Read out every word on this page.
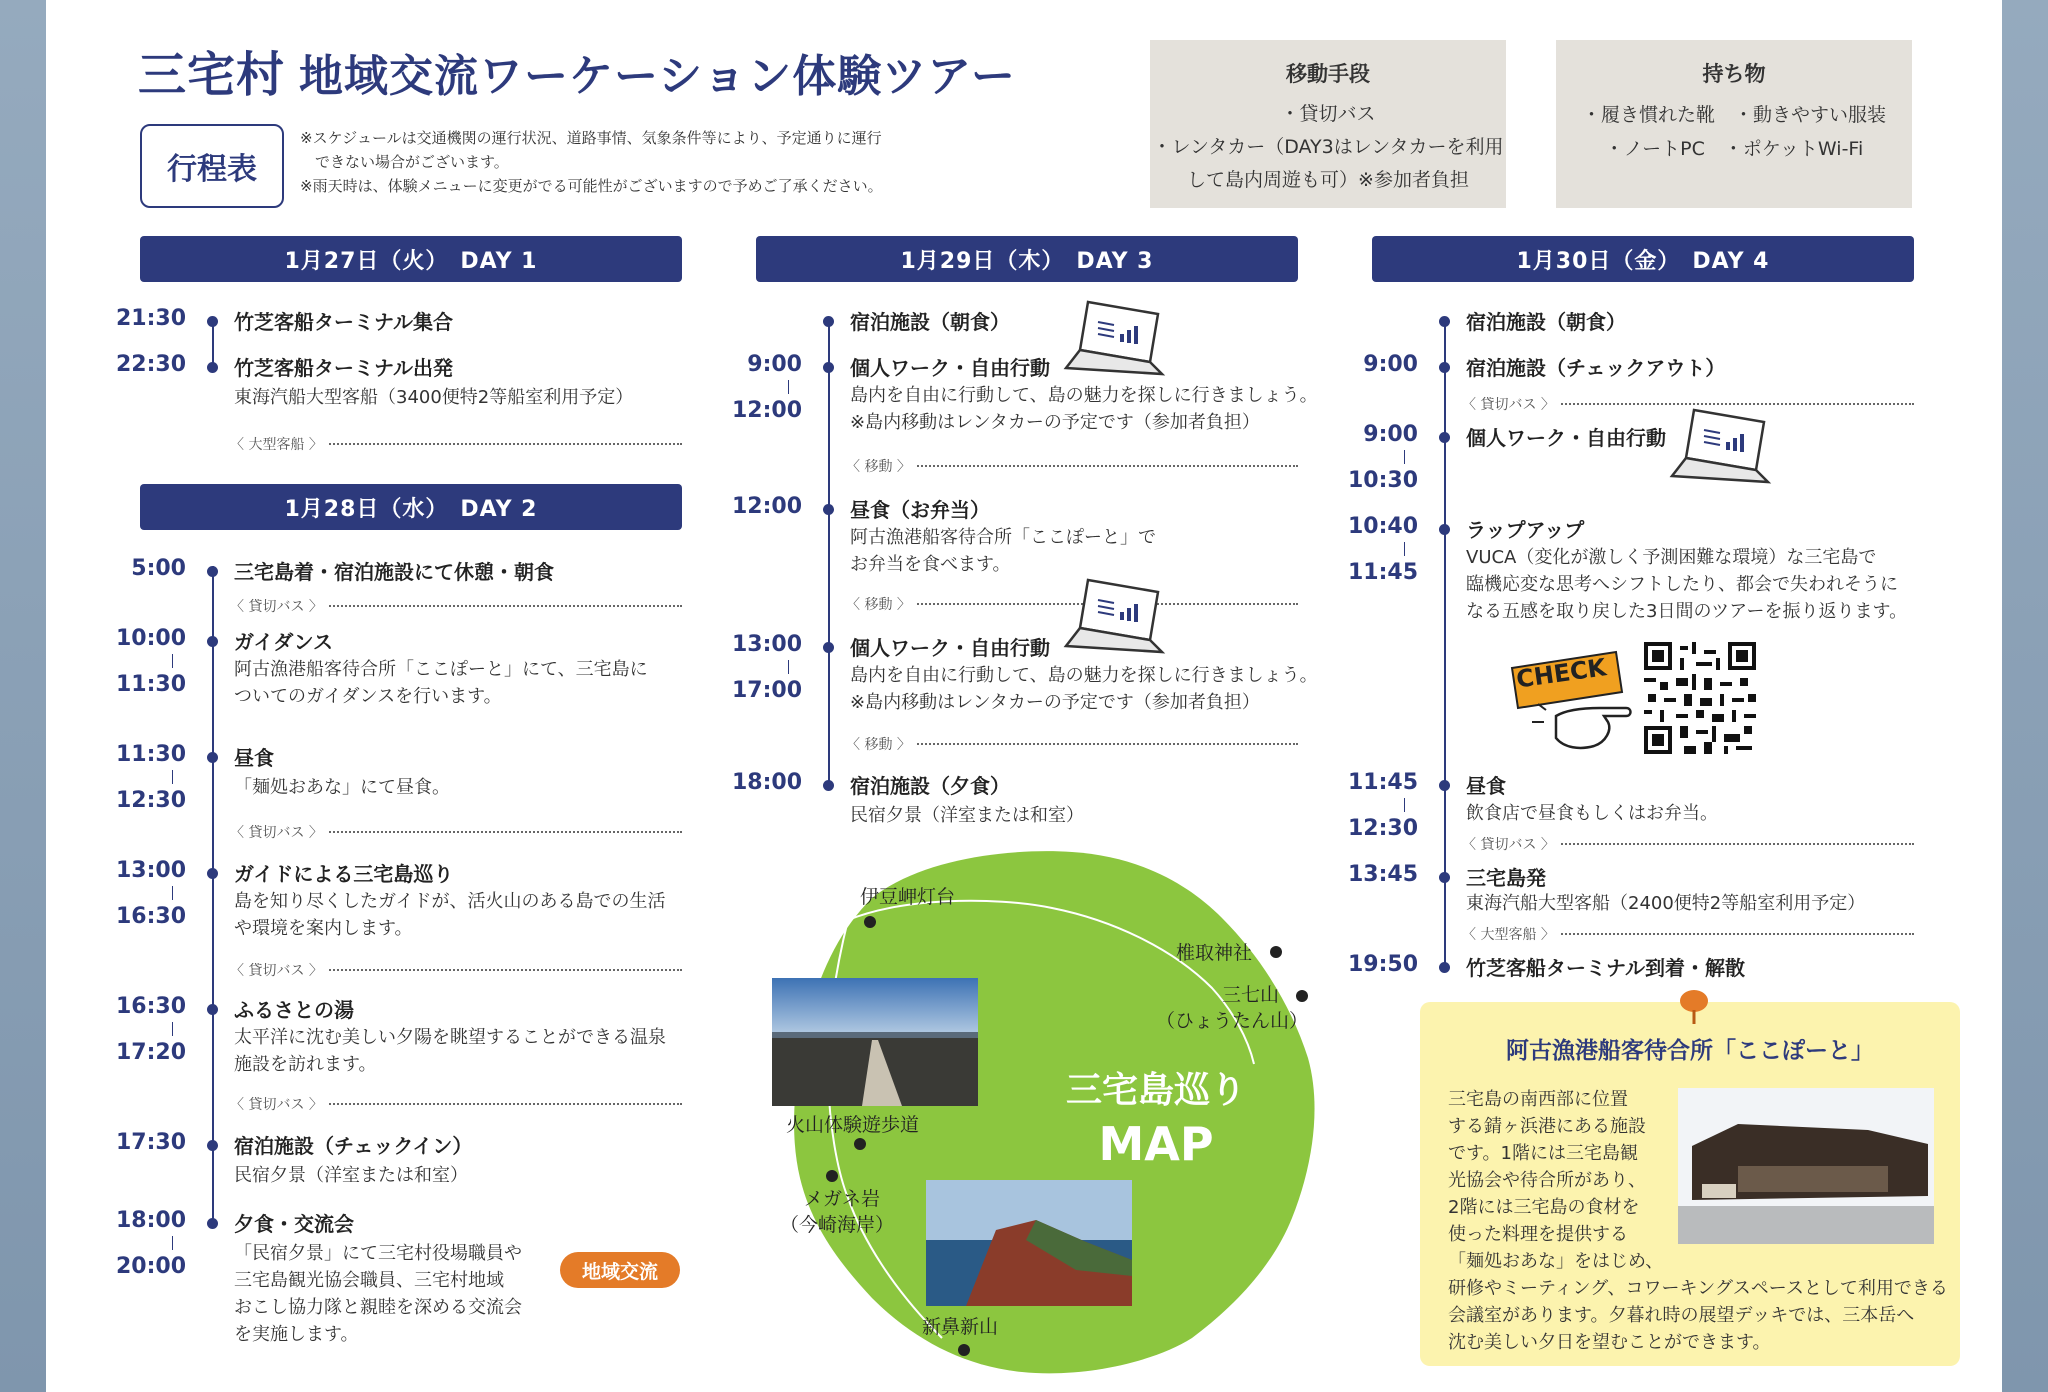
三宅村 地域交流ワーケーション体験ツアー
行程表
※スケジュールは交通機関の運行状況、道路事情、気象条件等により、予定通りに運行
　できない場合がございます。
※雨天時は、体験メニューに変更がでる可能性がございますので予めご了承ください。
移動手段

・貸切バス

・レンタカー（DAY3はレンタカーを利用

して島内周遊も可）※参加者負担

持ち物

・履き慣れた靴　・動きやすい服装

・ノートPC　・ポケットWi-Fi

1月27日（火）　DAY 1
21:30 竹芝客船ターミナル集合
22:30 竹芝客船ターミナル出発
東海汽船大型客船（3400便特2等船室利用予定）
〈 大型客船 〉
1月28日（水）　DAY 2
5:00 三宅島着・宿泊施設にて休憩・朝食
〈 貸切バス 〉
10:00
11:30
ガイダンス
阿古漁港船客待合所「ここぽーと」にて、三宅島に
ついてのガイダンスを行います。
11:30
12:30
昼食
「麺処おあな」にて昼食。
〈 貸切バス 〉
13:00
16:30
ガイドによる三宅島巡り
島を知り尽くしたガイドが、活火山のある島での生活
や環境を案内します。
〈 貸切バス 〉
16:30
17:20
ふるさとの湯
太平洋に沈む美しい夕陽を眺望することができる温泉
施設を訪れます。
〈 貸切バス 〉
17:30 宿泊施設（チェックイン）
民宿夕景（洋室または和室）
18:00
20:00
夕食・交流会
「民宿夕景」にて三宅村役場職員や
三宅島観光協会職員、三宅村地域
おこし協力隊と親睦を深める交流会
を実施します。
地域交流
1月29日（木）　DAY 3
宿泊施設（朝食）
9:00
12:00
個人ワーク・自由行動
島内を自由に行動して、島の魅力を探しに行きましょう。
※島内移動はレンタカーの予定です（参加者負担）
〈 移動 〉
12:00 昼食（お弁当）
阿古漁港船客待合所「ここぽーと」で
お弁当を食べます。
〈 移動 〉
13:00
17:00
個人ワーク・自由行動
島内を自由に行動して、島の魅力を探しに行きましょう。
※島内移動はレンタカーの予定です（参加者負担）
〈 移動 〉
18:00 宿泊施設（夕食）
民宿夕景（洋室または和室）
伊豆岬灯台
椎取神社
三七山
（ひょうたん山）
火山体験遊歩道
メガネ岩
（今崎海岸）
新鼻新山
三宅島巡り
MAP
1月30日（金）　DAY 4
宿泊施設（朝食）
9:00 宿泊施設（チェックアウト）
〈 貸切バス 〉
9:00
10:30
個人ワーク・自由行動
10:40
11:45
ラップアップ
VUCA（変化が激しく予測困難な環境）な三宅島で
臨機応変な思考へシフトしたり、都会で失われそうに
なる五感を取り戻した3日間のツアーを振り返ります。
CHECK
11:45
12:30
昼食
飲食店で昼食もしくはお弁当。
〈 貸切バス 〉
13:45 三宅島発
東海汽船大型客船（2400便特2等船室利用予定）
〈 大型客船 〉
19:50 竹芝客船ターミナル到着・解散
阿古漁港船客待合所「ここぽーと」
三宅島の南西部に位置
する錆ヶ浜港にある施設
です。1階には三宅島観
光協会や待合所があり、
2階には三宅島の食材を
使った料理を提供する
「麺処おあな」をはじめ、
研修やミーティング、コワーキングスペースとして利用できる
会議室があります。夕暮れ時の展望デッキでは、三本岳へ
沈む美しい夕日を望むことができます。
